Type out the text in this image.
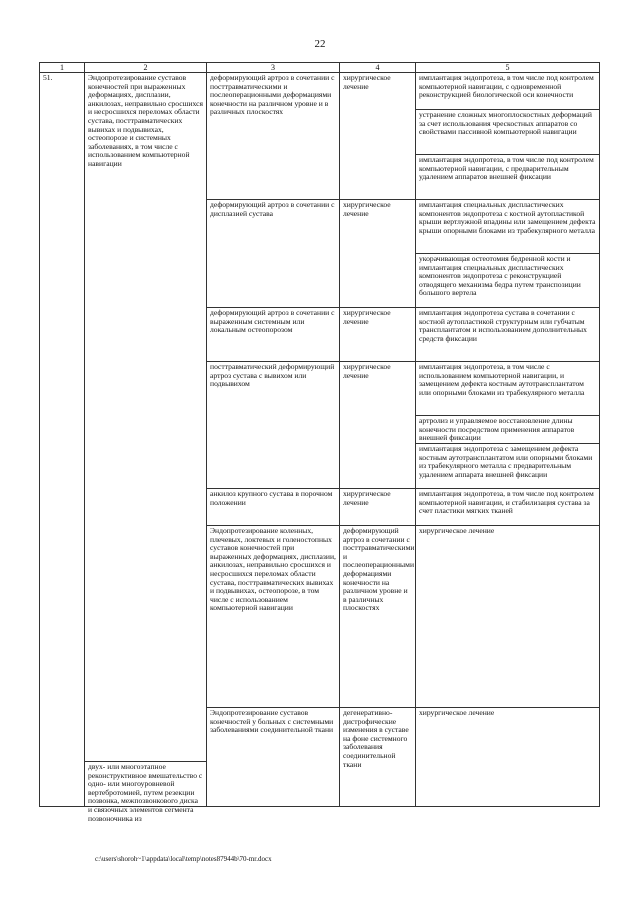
22
1	2	3	4	5	
51.	Эндопротезирование суставов конечностей при выраженных деформациях, дисплазии, анкилозах, неправильно сросшихся и несросшихся переломах области сустава, посттравматических вывихах и подвывихах, остеопорозе и системных заболеваниях, в том числе с использованием компьютерной навигации	деформирующий артроз в сочетании с посттравматическими и послеоперационными деформациями конечности на различном уровне и в различных плоскостях	хирургическое лечение	имплантация эндопротеза, в том числе под контролем компьютерной навигации, с одновременной реконструкцией биологической оси конечности	

				устранение сложных многоплоскостных деформаций за счет использования чрескостных аппаратов со свойствами пассивной компьютерной навигации	

				имплантация эндопротеза, в том числе под контролем компьютерной навигации, с предварительным удалением аппаратов внешней фиксации	

		деформирующий артроз в сочетании с дисплазией сустава	хирургическое лечение	имплантация специальных диспластических компонентов эндопротеза с костной аутопластикой крыши вертлужной впадины или замещением дефекта крыши опорными блоками из трабекулярного металла	

				укорачивающая остеотомия бедренной кости и имплантация специальных диспластических компонентов эндопротеза с реконструкцией отводящего механизма бедра путем транспозиции большого вертела	

		деформирующий артроз в сочетании с выраженным системным или локальным остеопорозом	хирургическое лечение	имплантация эндопротеза сустава в сочетании с костной аутопластикой структурным или губчатым трансплантатом и использованием дополнительных средств фиксации	

		посттравматический деформирующий артроз сустава с вывихом или подвывихом	хирургическое лечение	имплантация эндопротеза, в том числе с использованием компьютерной навигации, и замещением дефекта костным аутотрансплантатом или опорными блоками из трабекулярного металла	

				артролиз и управляемое восстановление длины конечности посредством применения аппаратов внешней фиксации	

				имплантация эндопротеза с замещением дефекта костным аутотрансплантатом или опорными блоками из трабекулярного металла с предварительным удалением аппарата внешней фиксации	

		анкилоз крупного сустава в порочном положении	хирургическое лечение	имплантация эндопротеза, в том числе под контролем компьютерной навигации, и стабилизация сустава за счет пластики мягких тканей	

		Эндопротезирование коленных, плечевых, локтевых и голеностопных суставов конечностей при выраженных деформациях, дисплазии, анкилозах, неправильно сросшихся и несросшихся переломах области сустава, посттравматических вывихах и подвывихах, остеопорозе, в том числе с использованием компьютерной навигации	деформирующий артроз в сочетании с посттравматическими и послеоперационными деформациями конечности на различном уровне и в различных плоскостях	хирургическое лечение	

		Эндопротезирование суставов конечностей у больных с системными заболеваниями соединительной ткани	дегенеративно-дистрофические изменения в суставе на фоне системного заболевания соединительной ткани	хирургическое лечение	

	двух- или многоэтапное реконструктивное вмешательство с одно- или многоуровневой вертебротомией, путем резекции позвонка, межпозвонкового диска и связочных элементов сегмента позвоночника из				
c:\users\shoroh~1\appdata\local\temp\notes87944b\70-mr.docx
